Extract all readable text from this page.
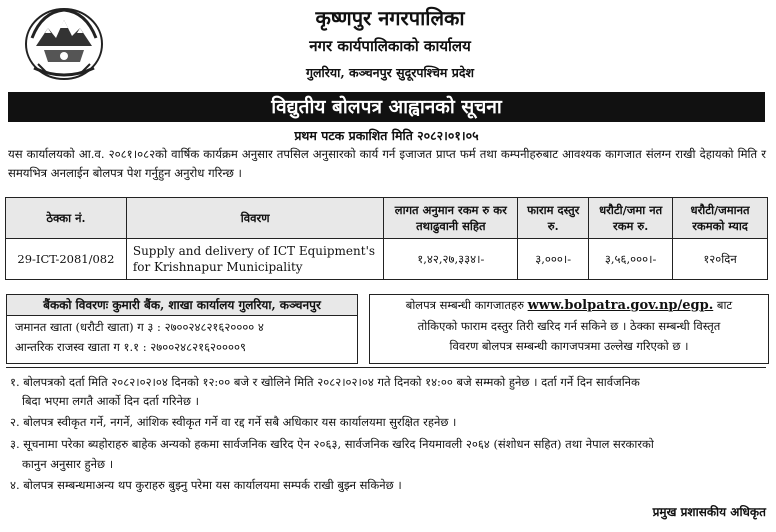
कृष्णपुर नगरपालिका
नगर कार्यपालिकाको कार्यालय
गुलरिया, कञ्चनपुर सुदूरपश्चिम प्रदेश
विद्युतीय बोलपत्र आह्वानको सूचना
प्रथम पटक प्रकाशित मिति २०८२।०१।०५
यस कार्यालयको आ.व. २०८१।०८२को वार्षिक कार्यक्रम अनुसार तपसिल अनुसारको कार्य गर्न इजाजत प्राप्त फर्म तथा कम्पनीहरुबाट आवश्यक कागजात संलग्न राखी देहायको मिति र समयभित्र अनलाईन बोलपत्र पेश गर्नुहुन अनुरोध गरिन्छ ।
ठेक्का नं.	विवरण	लागत अनुमान रकम रु कर तथाढुवानी सहित	फाराम दस्तुर रु.	धरौटी/जमा नत रकम रु.	धरौटी/जमानत रकमको म्याद
29-ICT-2081/082	Supply and delivery of ICT Equipment's for Krishnapur Municipality	१,४२,२७,३३४।-	३,०००।-	३,५६,०००।-	१२०दिन
बैंकको विवरणः कुमारी बैंक, शाखा कार्यालय गुलरिया, कञ्चनपुर
जमानत खाता (धरौटी खाता) ग ३ : २७००२४८२१६२०००० ४
आन्तरिक राजस्व खाता ग १.१ : २७००२४८२१६२००००९
बोलपत्र सम्बन्धी कागजातहरु www.bolpatra.gov.np/egp. बाट
तोकिएको फाराम दस्तुर तिरी खरिद गर्न सकिने छ । ठेक्का सम्बन्धी विस्तृत
विवरण बोलपत्र सम्बन्धी कागजपत्रमा उल्लेख गरिएको छ ।
१. बोलपत्रको दर्ता मिति २०८२।०२।०४ दिनको १२:०० बजे र खोलिने मिति २०८२।०२।०४ गते दिनको १४:०० बजे सम्मको हुनेछ । दर्ता गर्ने दिन सार्वजनिक
बिदा भएमा लगतै आर्को दिन दर्ता गरिनेछ ।
२. बोलपत्र स्वीकृत गर्ने, नगर्ने, आंशिक स्वीकृत गर्ने वा रद्द गर्ने सबै अधिकार यस कार्यालयमा सुरक्षित रहनेछ ।
३. सूचनामा परेका ब्यहोराहरु बाहेक अन्यको हकमा सार्वजनिक खरिद ऐन २०६३, सार्वजनिक खरिद नियमावली २०६४ (संशोधन सहित) तथा नेपाल सरकारको
कानुन अनुसार हुनेछ ।
४. बोलपत्र सम्बन्धमाअन्य थप कुराहरु बुझ्नु परेमा यस कार्यालयमा सम्पर्क राखी बुझ्न सकिनेछ ।
प्रमुख प्रशासकीय अधिकृत
